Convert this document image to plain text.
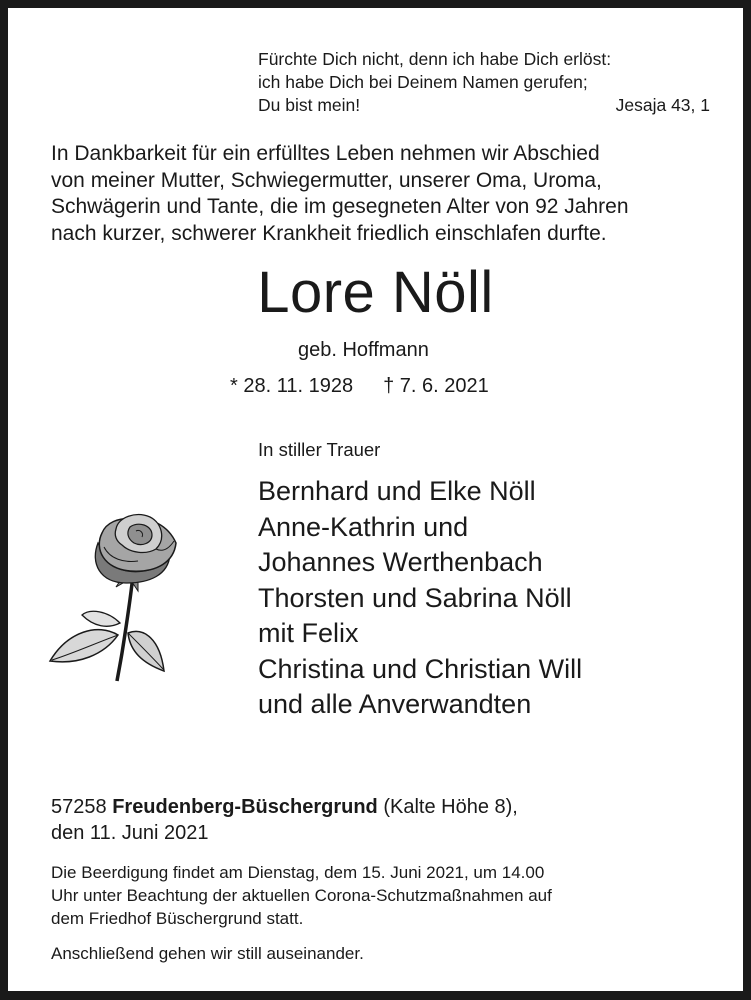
Fürchte Dich nicht, denn ich habe Dich erlöst:
ich habe Dich bei Deinem Namen gerufen;
Du bist mein!	Jesaja 43, 1
In Dankbarkeit für ein erfülltes Leben nehmen wir Abschied
von meiner Mutter, Schwiegermutter, unserer Oma, Uroma,
Schwägerin und Tante, die im gesegneten Alter von 92 Jahren
nach kurzer, schwerer Krankheit friedlich einschlafen durfte.
Lore Nöll
geb. Hoffmann
* 28. 11. 1928 † 7. 6. 2021
In stiller Trauer
Bernhard und Elke Nöll
Anne-Kathrin und
Johannes Werthenbach
Thorsten und Sabrina Nöll
mit Felix
Christina und Christian Will
und alle Anverwandten
57258 Freudenberg-Büschergrund (Kalte Höhe 8),
den 11. Juni 2021
Die Beerdigung findet am Dienstag, dem 15. Juni 2021, um 14.00
Uhr unter Beachtung der aktuellen Corona-Schutzmaßnahmen auf
dem Friedhof Büschergrund statt.
Anschließend gehen wir still auseinander.
